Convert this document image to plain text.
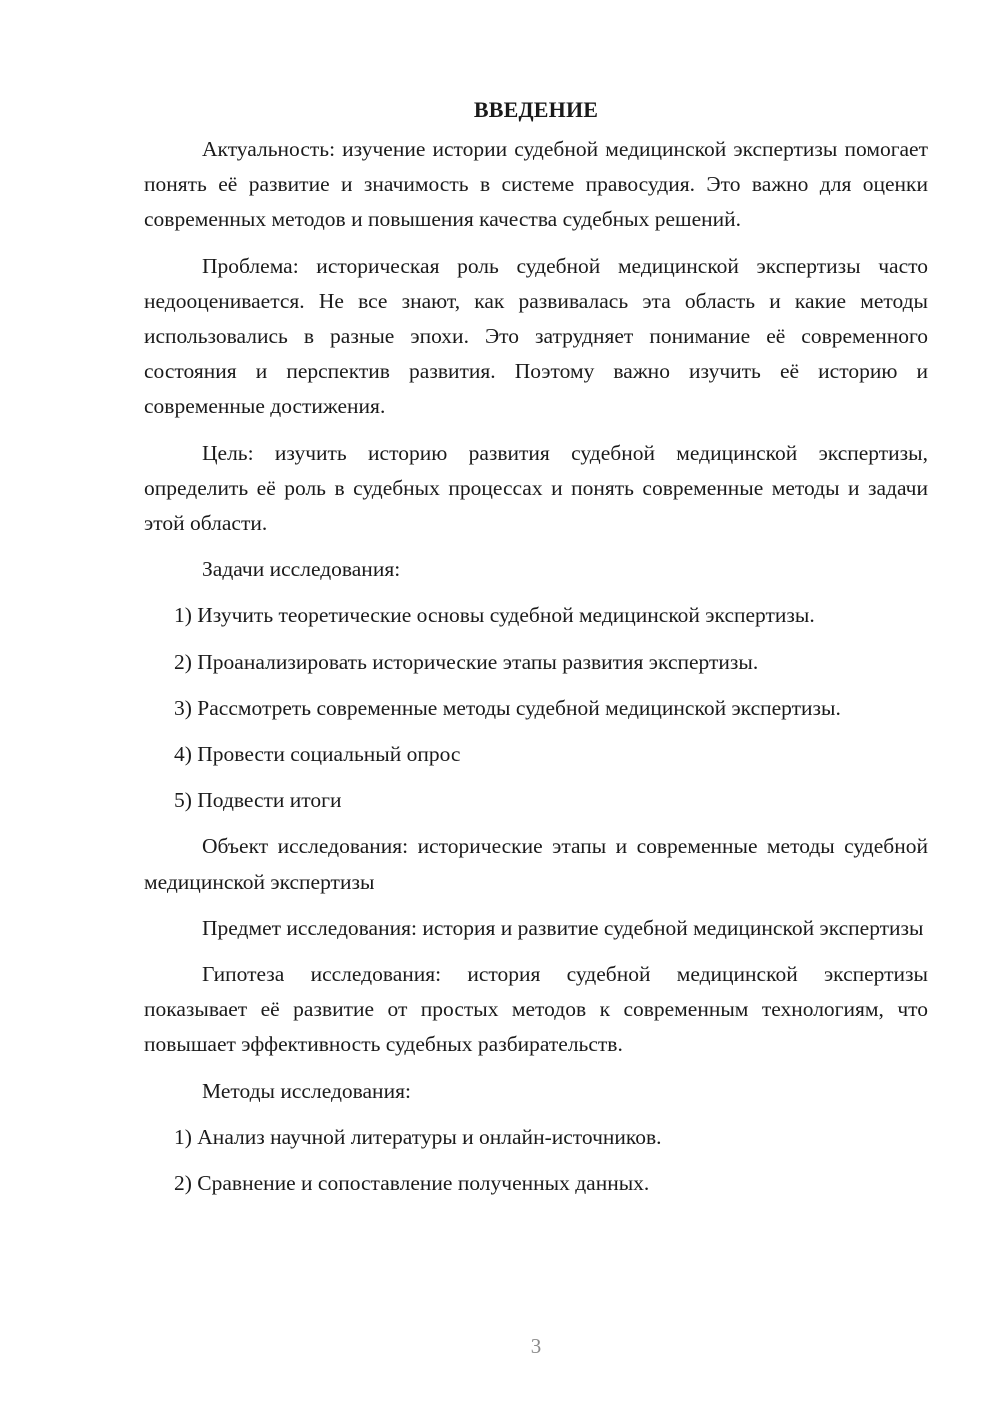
ВВЕДЕНИЕ

Актуальность: изучение истории судебной медицинской экспертизы помогает понять её развитие и значимость в системе правосудия. Это важно для оценки современных методов и повышения качества судебных решений.

Проблема: историческая роль судебной медицинской экспертизы часто недооценивается. Не все знают, как развивалась эта область и какие методы использовались в разные эпохи. Это затрудняет понимание её современного состояния и перспектив развития. Поэтому важно изучить её историю и современные достижения.

Цель: изучить историю развития судебной медицинской экспертизы, определить её роль в судебных процессах и понять современные методы и задачи этой области.

Задачи исследования:

1) Изучить теоретические основы судебной медицинской экспертизы.

2) Проанализировать исторические этапы развития экспертизы.

3) Рассмотреть современные методы судебной медицинской экспертизы.

4) Провести социальный опрос

5) Подвести итоги

Объект исследования: исторические этапы и современные методы судебной медицинской экспертизы

Предмет исследования: история и развитие судебной медицинской экспертизы

Гипотеза исследования: история судебной медицинской экспертизы показывает её развитие от простых методов к современным технологиям, что повышает эффективность судебных разбирательств.

Методы исследования:

1) Анализ научной литературы и онлайн-источников.

2) Сравнение и сопоставление полученных данных.

3
